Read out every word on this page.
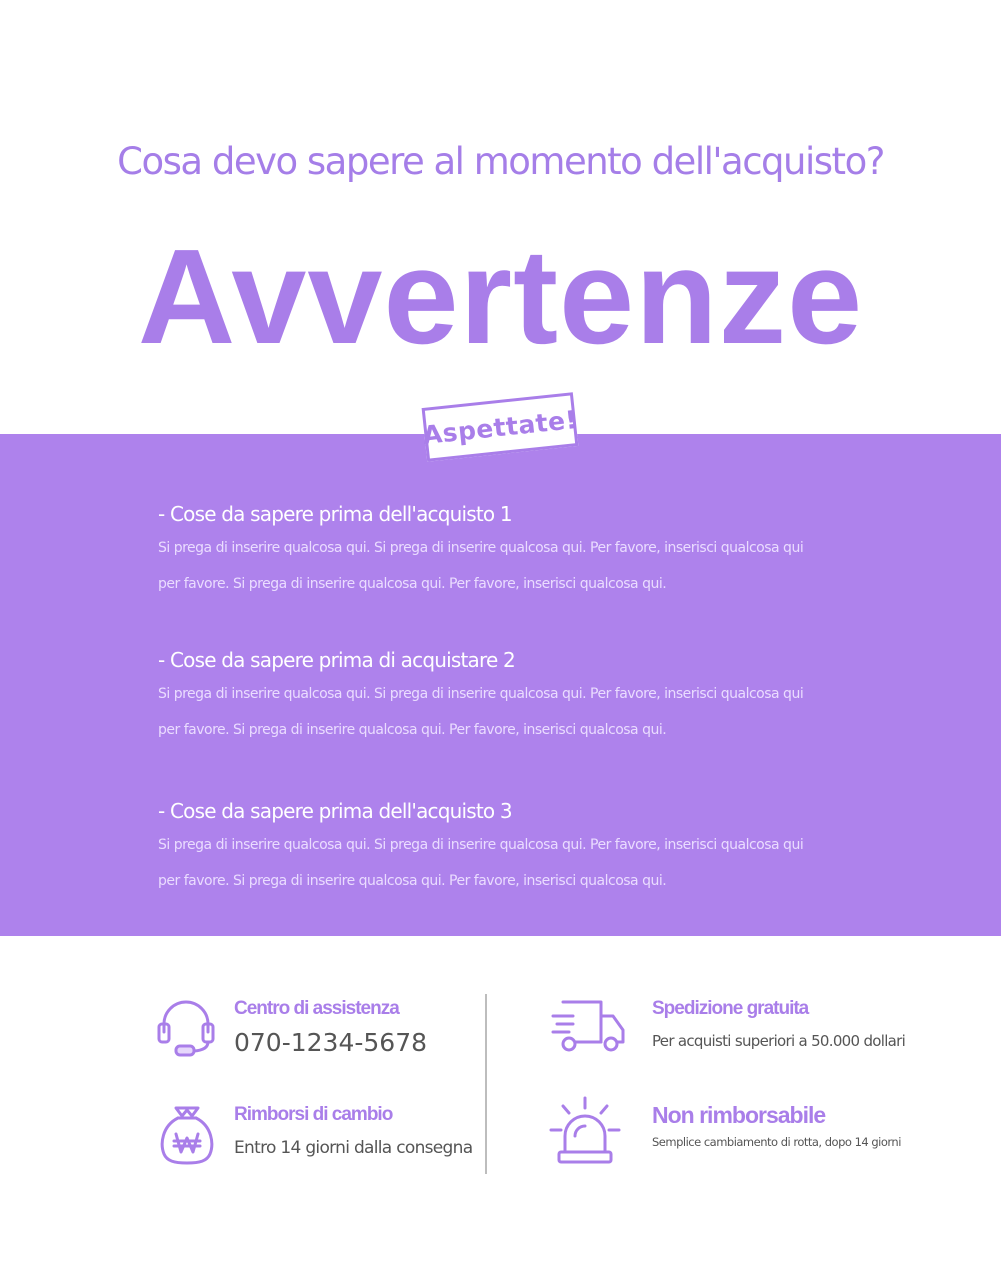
Cosa devo sapere al momento dell'acquisto?
Avvertenze
Aspettate!
- Cose da sapere prima dell'acquisto 1

Si prega di inserire qualcosa qui. Si prega di inserire qualcosa qui. Per favore, inserisci qualcosa qui

per favore. Si prega di inserire qualcosa qui. Per favore, inserisci qualcosa qui.

- Cose da sapere prima di acquistare 2

Si prega di inserire qualcosa qui. Si prega di inserire qualcosa qui. Per favore, inserisci qualcosa qui

per favore. Si prega di inserire qualcosa qui. Per favore, inserisci qualcosa qui.

- Cose da sapere prima dell'acquisto 3

Si prega di inserire qualcosa qui. Si prega di inserire qualcosa qui. Per favore, inserisci qualcosa qui

per favore. Si prega di inserire qualcosa qui. Per favore, inserisci qualcosa qui.

Centro di assistenza
070-1234-5678
Spedizione gratuita
Per acquisti superiori a 50.000 dollari
Rimborsi di cambio
Entro 14 giorni dalla consegna
Non rimborsabile
Semplice cambiamento di rotta, dopo 14 giorni
